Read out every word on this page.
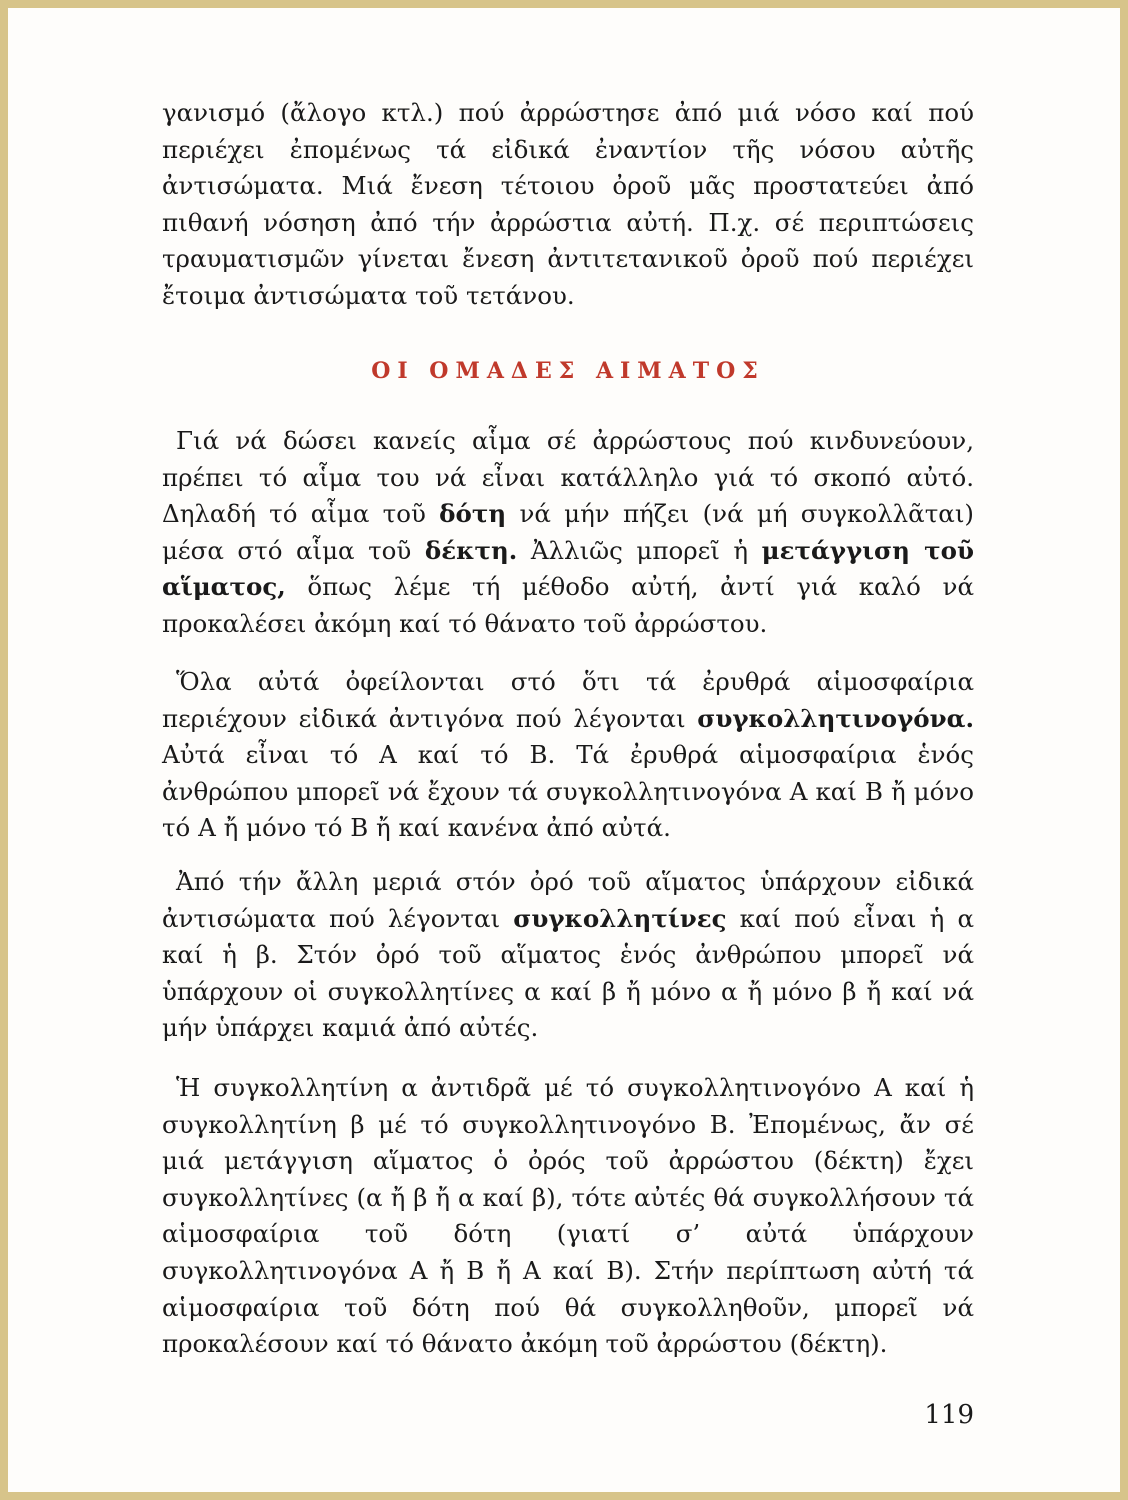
γανισμό (ἄλογο κτλ.) πού ἀρρώστησε ἀπό μιά νόσο καί πού περιέχει ἐπομένως τά εἰδικά ἐναντίον τῆς νόσου αὐτῆς ἀντισώματα. Μιά ἔνεση τέτοιου ὀροῦ μᾶς προστατεύει ἀπό πιθανή νόσηση ἀπό τήν ἀρρώστια αὐτή. Π.χ. σέ περιπτώσεις τραυματισμῶν γίνεται ἔνεση ἀντιτετανικοῦ ὀροῦ πού περιέχει ἔτοιμα ἀντισώματα τοῦ τετάνου.

ΟΙ ΟΜΑΔΕΣ ΑΙΜΑΤΟΣ

Γιά νά δώσει κανείς αἷμα σέ ἀρρώστους πού κινδυνεύουν, πρέπει τό αἷμα του νά εἶναι κατάλληλο γιά τό σκοπό αὐτό. Δηλαδή τό αἷμα τοῦ δότη νά μήν πήζει (νά μή συγκολλᾶται) μέσα στό αἷμα τοῦ δέκτη. Ἀλλιῶς μπορεῖ ἡ μετάγγιση τοῦ αἵματος, ὅπως λέμε τή μέθοδο αὐτή, ἀντί γιά καλό νά προκαλέσει ἀκόμη καί τό θάνατο τοῦ ἀρρώστου.

Ὅλα αὐτά ὀφείλονται στό ὅτι τά ἐρυθρά αἱμοσφαίρια περιέχουν εἰδικά ἀντιγόνα πού λέγονται συγκολλητινογόνα. Αὐτά εἶναι τό Α καί τό Β. Τά ἐρυθρά αἱμοσφαίρια ἑνός ἀνθρώπου μπορεῖ νά ἔχουν τά συγκολλητινογόνα Α καί Β ἤ μόνο τό Α ἤ μόνο τό Β ἤ καί κανένα ἀπό αὐτά.

Ἀπό τήν ἄλλη μεριά στόν ὀρό τοῦ αἵματος ὑπάρχουν εἰδικά ἀντισώματα πού λέγονται συγκολλητίνες καί πού εἶναι ἡ α καί ἡ β. Στόν ὀρό τοῦ αἵματος ἑνός ἀνθρώπου μπορεῖ νά ὑπάρχουν οἱ συγκολλητίνες α καί β ἤ μόνο α ἤ μόνο β ἤ καί νά μήν ὑπάρχει καμιά ἀπό αὐτές.

Ἡ συγκολλητίνη α ἀντιδρᾶ μέ τό συγκολλητινογόνο Α καί ἡ συγκολλητίνη β μέ τό συγκολλητινογόνο Β. Ἐπομένως, ἄν σέ μιά μετάγγιση αἵματος ὁ ὀρός τοῦ ἀρρώστου (δέκτη) ἔχει συγκολλητίνες (α ἤ β ἤ α καί β), τότε αὐτές θά συγκολλήσουν τά αἱμοσφαίρια τοῦ δότη (γιατί σ’ αὐτά ὑπάρχουν συγκολλητινογόνα Α ἤ Β ἤ Α καί Β). Στήν περίπτωση αὐτή τά αἱμοσφαίρια τοῦ δότη πού θά συγκολληθοῦν, μπορεῖ νά προκαλέσουν καί τό θάνατο ἀκόμη τοῦ ἀρρώστου (δέκτη).

119
